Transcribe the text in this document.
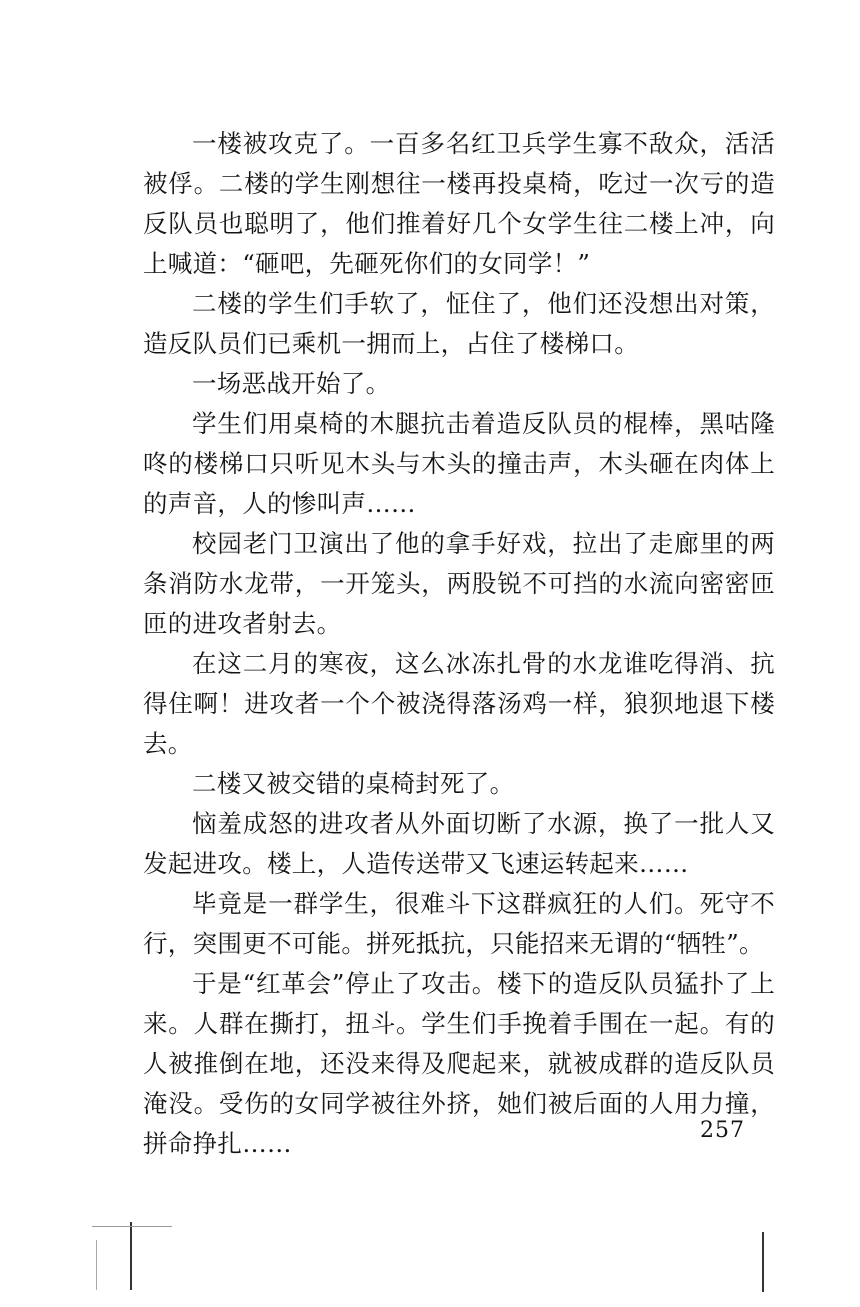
一楼被攻克了。一百多名红卫兵学生寡不敌众，活活被俘。二楼的学生刚想往一楼再投桌椅，吃过一次亏的造反队员也聪明了，他们推着好几个女学生往二楼上冲，向上喊道：“砸吧，先砸死你们的女同学！”

二楼的学生们手软了，怔住了，他们还没想出对策，造反队员们已乘机一拥而上，占住了楼梯口。

一场恶战开始了。

学生们用桌椅的木腿抗击着造反队员的棍棒，黑咕隆咚的楼梯口只听见木头与木头的撞击声，木头砸在肉体上的声音，人的惨叫声……

校园老门卫演出了他的拿手好戏，拉出了走廊里的两条消防水龙带，一开笼头，两股锐不可挡的水流向密密匝匝的进攻者射去。

在这二月的寒夜，这么冰冻扎骨的水龙谁吃得消、抗得住啊！进攻者一个个被浇得落汤鸡一样，狼狈地退下楼去。

二楼又被交错的桌椅封死了。

恼羞成怒的进攻者从外面切断了水源，换了一批人又发起进攻。楼上，人造传送带又飞速运转起来……

毕竟是一群学生，很难斗下这群疯狂的人们。死守不行，突围更不可能。拼死抵抗，只能招来无谓的“牺牲”。

于是“红革会”停止了攻击。楼下的造反队员猛扑了上来。人群在撕打，扭斗。学生们手挽着手围在一起。有的人被推倒在地，还没来得及爬起来，就被成群的造反队员淹没。受伤的女同学被往外挤，她们被后面的人用力撞，拼命挣扎……	257
